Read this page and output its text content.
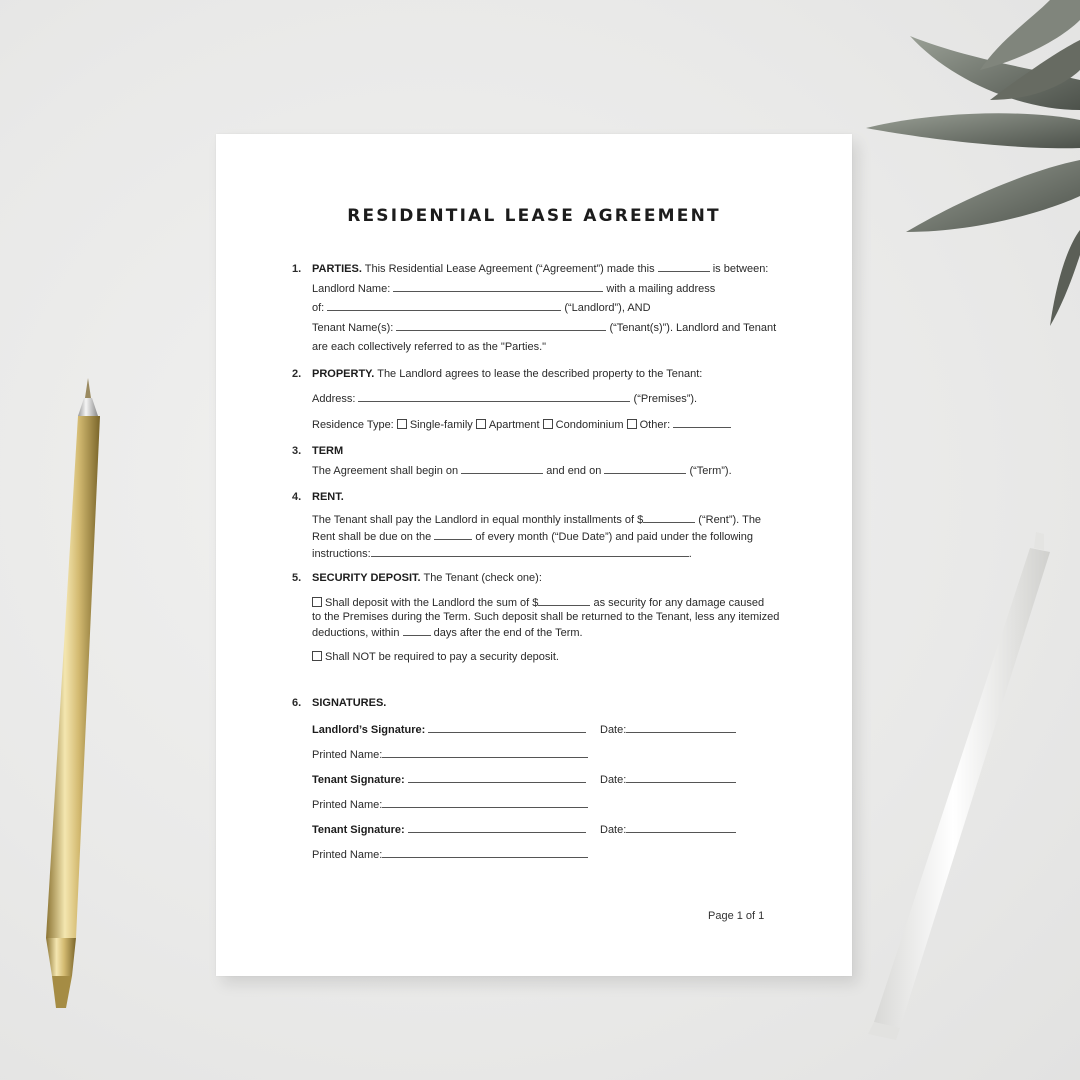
RESIDENTIAL LEASE AGREEMENT
1. PARTIES. This Residential Lease Agreement (“Agreement”) made this	is between:
Landlord Name:	with a mailing address
of:	(“Landlord”), AND
Tenant Name(s):	(“Tenant(s)”). Landlord and Tenant
are each collectively referred to as the "Parties."
2. PROPERTY. The Landlord agrees to lease the described property to the Tenant:
Address:	(“Premises”).
Residence Type: Single-family Apartment Condominium Other:
3. TERM
The Agreement shall begin on	and end on	(“Term”).
4. RENT.
The Tenant shall pay the Landlord in equal monthly installments of $	(“Rent”). The
Rent shall be due on the	of every month (“Due Date”) and paid under the following
instructions:	.
5. SECURITY DEPOSIT. The Tenant (check one):
Shall deposit with the Landlord the sum of $	as security for any damage caused
to the Premises during the Term. Such deposit shall be returned to the Tenant, less any itemized
deductions, within	days after the end of the Term.
Shall NOT be required to pay a security deposit.
6. SIGNATURES.
Landlord’s Signature:	Date:
Printed Name:
Tenant Signature:	Date:
Printed Name:
Tenant Signature:	Date:
Printed Name:
Page 1 of 1
